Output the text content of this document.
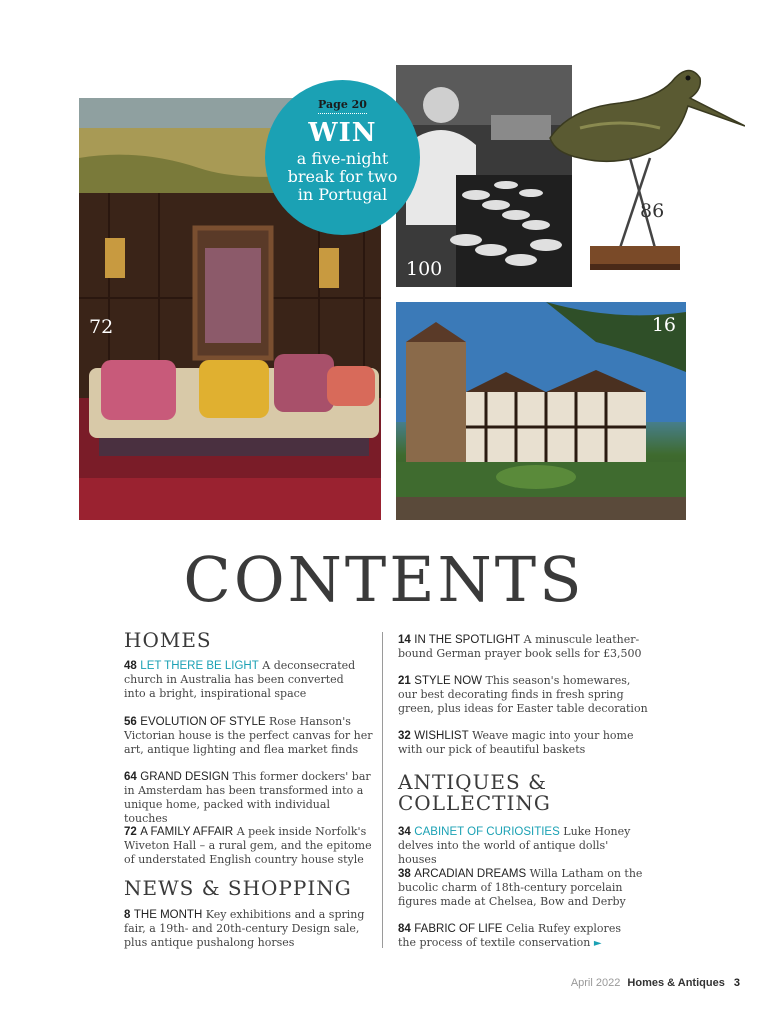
72
100
86
16
Page 20
WIN
a five-night
break for two
in Portugal
CONTENTS
HOMES
48 LET THERE BE LIGHT A deconsecrated
church in Australia has been converted
into a bright, inspirational space
56 EVOLUTION OF STYLE Rose Hanson's
Victorian house is the perfect canvas for her
art, antique lighting and flea market finds
64 GRAND DESIGN This former dockers' bar
in Amsterdam has been transformed into a
unique home, packed with individual touches
72 A FAMILY AFFAIR A peek inside Norfolk's
Wiveton Hall – a rural gem, and the epitome
of understated English country house style
NEWS & SHOPPING
8 THE MONTH Key exhibitions and a spring
fair, a 19th- and 20th-century Design sale,
plus antique pushalong horses
14 IN THE SPOTLIGHT A minuscule leather-
bound German prayer book sells for £3,500
21 STYLE NOW This season's homewares,
our best decorating finds in fresh spring
green, plus ideas for Easter table decoration
32 WISHLIST Weave magic into your home
with our pick of beautiful baskets
ANTIQUES &
COLLECTING
34 CABINET OF CURIOSITIES Luke Honey
delves into the world of antique dolls' houses
38 ARCADIAN DREAMS Willa Latham on the
bucolic charm of 18th-century porcelain
figures made at Chelsea, Bow and Derby
84 FABRIC OF LIFE Celia Rufey explores
the process of textile conservation ►
April 2022 Homes & Antiques 3
